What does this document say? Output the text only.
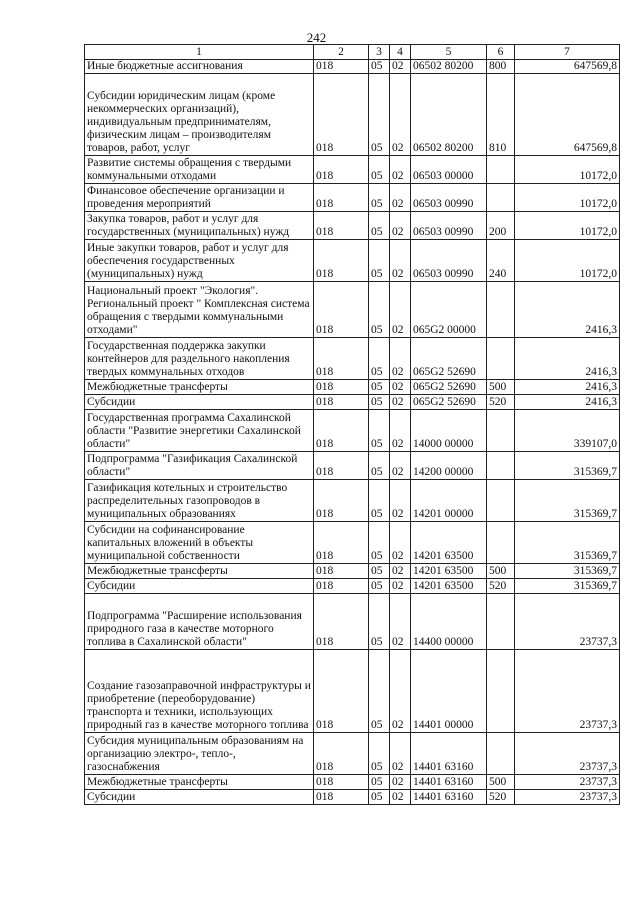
242
1	2	3	4	5	6	7
Иные бюджетные ассигнования	018	05	02	06502 80200	800	647569,8
Субсидии юридическим лицам (кроме некоммерческих организаций), индивидуальным предпринимателям, физическим лицам – производителям товаров, работ, услуг	018	05	02	06502 80200	810	647569,8
Развитие системы обращения с твердыми коммунальными отходами	018	05	02	06503 00000		10172,0
Финансовое обеспечение организации и проведения мероприятий	018	05	02	06503 00990		10172,0
Закупка товаров, работ и услуг для государственных (муниципальных) нужд	018	05	02	06503 00990	200	10172,0
Иные закупки товаров, работ и услуг для обеспечения государственных (муниципальных) нужд	018	05	02	06503 00990	240	10172,0
Национальный проект "Экология". Региональный проект " Комплексная система обращения с твердыми коммунальными отходами"	018	05	02	065G2 00000		2416,3
Государственная поддержка закупки контейнеров для раздельного накопления твердых коммунальных отходов	018	05	02	065G2 52690		2416,3
Межбюджетные трансферты	018	05	02	065G2 52690	500	2416,3
Субсидии	018	05	02	065G2 52690	520	2416,3
Государственная программа Сахалинской области "Развитие энергетики Сахалинской области"	018	05	02	14000 00000		339107,0
Подпрограмма "Газификация Сахалинской области"	018	05	02	14200 00000		315369,7
Газификация котельных и строительство распределительных газопроводов в муниципальных образованиях	018	05	02	14201 00000		315369,7
Субсидии на софинансирование капитальных вложений в объекты муниципальной собственности	018	05	02	14201 63500		315369,7
Межбюджетные трансферты	018	05	02	14201 63500	500	315369,7
Субсидии	018	05	02	14201 63500	520	315369,7
Подпрограмма "Расширение использования природного газа в качестве моторного топлива в Сахалинской области"	018	05	02	14400 00000		23737,3
Создание газозаправочной инфраструктуры и приобретение (переоборудование) транспорта и техники, использующих природный газ в качестве моторного топлива	018	05	02	14401 00000		23737,3
Субсидия муниципальным образованиям на организацию электро-, тепло-, газоснабжения	018	05	02	14401 63160		23737,3
Межбюджетные трансферты	018	05	02	14401 63160	500	23737,3
Субсидии	018	05	02	14401 63160	520	23737,3
